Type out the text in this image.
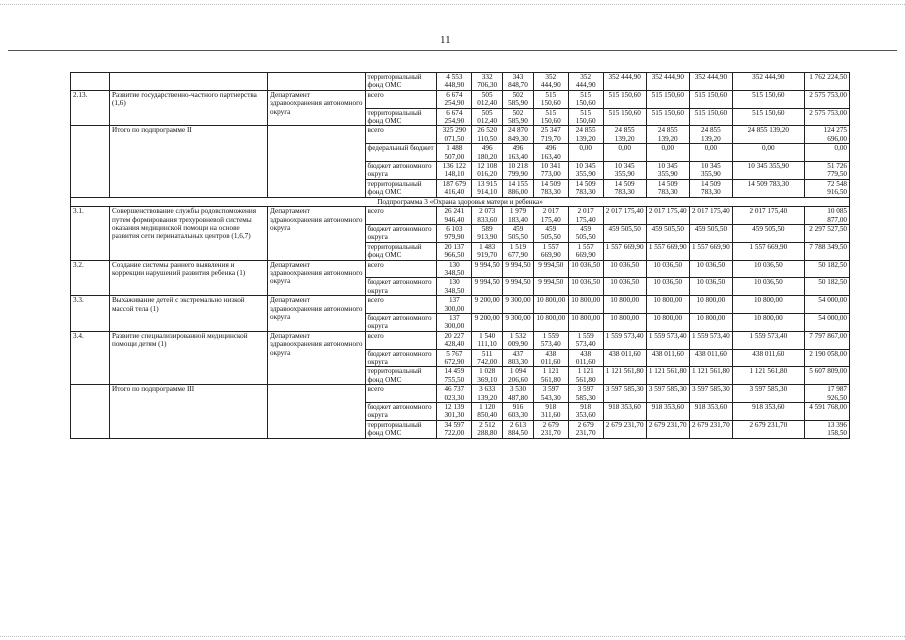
11
			территориальный фонд ОМС	4 553 448,90	332 706,30	343 848,70	352 444,90	352 444,90	352 444,90	352 444,90	352 444,90	352 444,90	1 762 224,50
2.13.	Развитие государственно-частного партнерства (1,6)	Департамент здравоохранения автономного округа	всего	6 674 254,90	505 012,40	502 585,90	515 150,60	515 150,60	515 150,60	515 150,60	515 150,60	515 150,60	2 575 753,00
			территориальный фонд ОМС	6 674 254,90	505 012,40	502 585,90	515 150,60	515 150,60	515 150,60	515 150,60	515 150,60	515 150,60	2 575 753,00
	Итого по подпрограмме II		всего	325 290 071,50	26 520 110,50	24 870 849,30	25 347 719,70	24 855 139,20	24 855 139,20	24 855 139,20	24 855 139,20	24 855 139,20	124 275 696,00
			федеральный бюджет	1 488 507,00	496 180,20	496 163,40	496 163,40	0,00	0,00	0,00	0,00	0,00	0,00
			бюджет автономного округа	136 122 148,10	12 108 016,20	10 218 799,90	10 341 773,00	10 345 355,90	10 345 355,90	10 345 355,90	10 345 355,90	10 345 355,90	51 726 779,50
			территориальный фонд ОМС	187 679 416,40	13 915 914,10	14 155 886,00	14 509 783,30	14 509 783,30	14 509 783,30	14 509 783,30	14 509 783,30	14 509 783,30	72 548 916,50
Подпрограмма 3 «Охрана здоровья матери и ребенка»													
3.1.	Совершенствование службы родовспоможения путем формирования трехуровневой системы оказания медицинской помощи на основе развития сети перинатальных центров (1,6,7)	Департамент здравоохранения автономного округа	всего	26 241 946,40	2 073 833,60	1 979 183,40	2 017 175,40	2 017 175,40	2 017 175,40	2 017 175,40	2 017 175,40	2 017 175,40	10 085 877,00
			бюджет автономного округа	6 103 979,90	589 913,90	459 505,50	459 505,50	459 505,50	459 505,50	459 505,50	459 505,50	459 505,50	2 297 527,50
			территориальный фонд ОМС	20 137 966,50	1 483 919,70	1 519 677,90	1 557 669,90	1 557 669,90	1 557 669,90	1 557 669,90	1 557 669,90	1 557 669,90	7 788 349,50
3.2.	Создание системы раннего выявления и коррекции нарушений развития ребенка (1)	Департамент здравоохранения автономного округа	всего	130 348,50	9 994,50	9 994,50	9 994,50	10 036,50	10 036,50	10 036,50	10 036,50	10 036,50	50 182,50
			бюджет автономного округа	130 348,50	9 994,50	9 994,50	9 994,50	10 036,50	10 036,50	10 036,50	10 036,50	10 036,50	50 182,50
3.3.	Выхаживание детей с экстремально низкой массой тела (1)	Департамент здравоохранения автономного округа	всего	137 300,00	9 200,00	9 300,00	10 800,00	10 800,00	10 800,00	10 800,00	10 800,00	10 800,00	54 000,00
			бюджет автономного округа	137 300,00	9 200,00	9 300,00	10 800,00	10 800,00	10 800,00	10 800,00	10 800,00	10 800,00	54 000,00
3.4.	Развитие специализированной медицинской помощи детям (1)	Департамент здравоохранения автономного округа	всего	20 227 428,40	1 540 111,10	1 532 009,90	1 559 573,40	1 559 573,40	1 559 573,40	1 559 573,40	1 559 573,40	1 559 573,40	7 797 867,00
			бюджет автономного округа	5 767 672,90	511 742,00	437 803,30	438 011,60	438 011,60	438 011,60	438 011,60	438 011,60	438 011,60	2 190 058,00
			территориальный фонд ОМС	14 459 755,50	1 028 369,10	1 094 206,60	1 121 561,80	1 121 561,80	1 121 561,80	1 121 561,80	1 121 561,80	1 121 561,80	5 607 809,00
	Итого по подпрограмме III		всего	46 737 023,30	3 633 139,20	3 530 487,80	3 597 543,30	3 597 585,30	3 597 585,30	3 597 585,30	3 597 585,30	3 597 585,30	17 987 926,50
			бюджет автономного округа	12 139 301,30	1 120 850,40	916 603,30	918 311,60	918 353,60	918 353,60	918 353,60	918 353,60	918 353,60	4 591 768,00
			территориальный фонд ОМС	34 597 722,00	2 512 288,80	2 613 884,50	2 679 231,70	2 679 231,70	2 679 231,70	2 679 231,70	2 679 231,70	2 679 231,70	13 396 158,50
